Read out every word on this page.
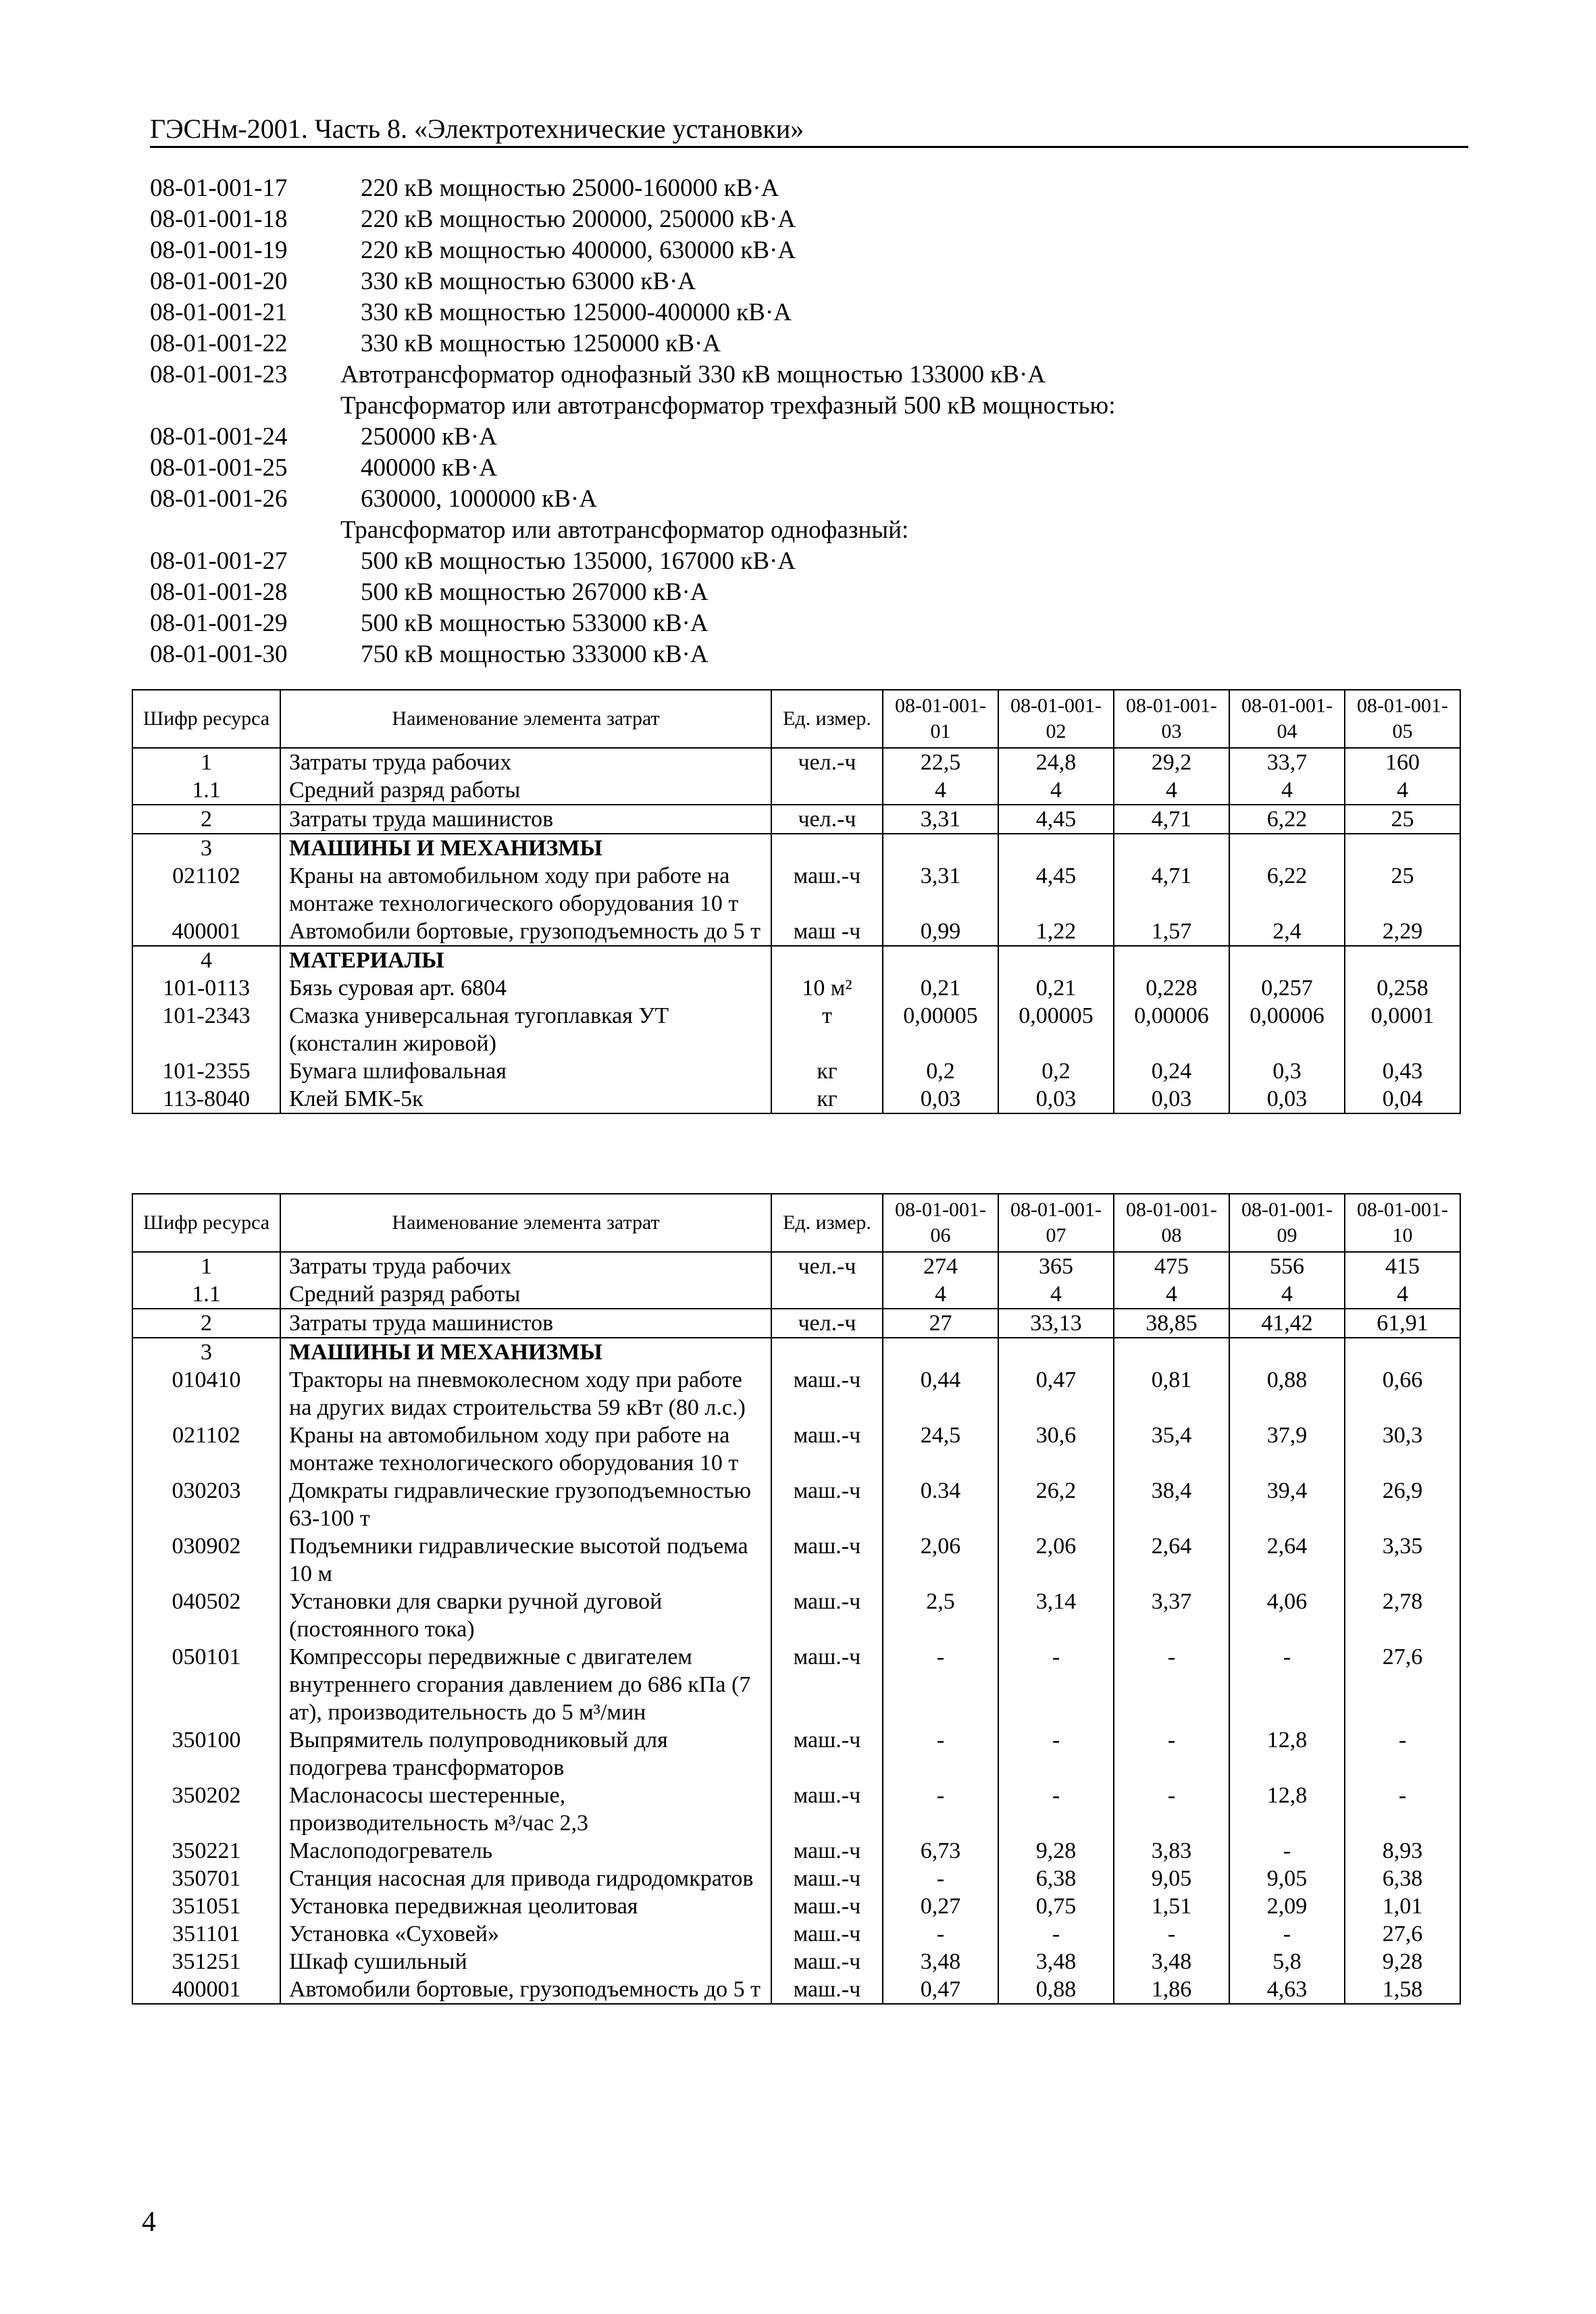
ГЭСНм-2001. Часть 8. «Электротехнические установки»
08-01-001-17	220 кВ мощностью 25000-160000 кВ·А
08-01-001-18	220 кВ мощностью 200000, 250000 кВ·А
08-01-001-19	220 кВ мощностью 400000, 630000 кВ·А
08-01-001-20	330 кВ мощностью 63000 кВ·А
08-01-001-21	330 кВ мощностью 125000-400000 кВ·А
08-01-001-22	330 кВ мощностью 1250000 кВ·А
08-01-001-23 Автотрансформатор однофазный 330 кВ мощностью 133000 кВ·А
Трансформатор или автотрансформатор трехфазный 500 кВ мощностью:
08-01-001-24	250000 кВ·А
08-01-001-25	400000 кВ·А
08-01-001-26	630000, 1000000 кВ·А
Трансформатор или автотрансформатор однофазный:
08-01-001-27	500 кВ мощностью 135000, 167000 кВ·А
08-01-001-28	500 кВ мощностью 267000 кВ·А
08-01-001-29	500 кВ мощностью 533000 кВ·А
08-01-001-30	750 кВ мощностью 333000 кВ·А
Шифр ресурса	Наименование элемента затрат	Ед. измер.	08-01-001-01	08-01-001-02	08-01-001-03	08-01-001-04	08-01-001-05
1	Затраты труда рабочих	чел.-ч	22,5	24,8	29,2	33,7	160
1.1	Средний разряд работы		4	4	4	4	4
2	Затраты труда машинистов	чел.-ч	3,31	4,45	4,71	6,22	25
3	МАШИНЫ И МЕХАНИЗМЫ						
021102	Краны на автомобильном ходу при работе на монтаже технологического оборудования 10 т	маш.-ч	3,31	4,45	4,71	6,22	25
400001	Автомобили бортовые, грузоподъемность до 5 т	маш -ч	0,99	1,22	1,57	2,4	2,29
4	МАТЕРИАЛЫ						
101-0113	Бязь суровая арт. 6804	10 м²	0,21	0,21	0,228	0,257	0,258
101-2343	Смазка универсальная тугоплавкая УТ (консталин жировой)	т	0,00005	0,00005	0,00006	0,00006	0,0001
101-2355	Бумага шлифовальная	кг	0,2	0,2	0,24	0,3	0,43
113-8040	Клей БМК-5к	кг	0,03	0,03	0,03	0,03	0,04
Шифр ресурса	Наименование элемента затрат	Ед. измер.	08-01-001-06	08-01-001-07	08-01-001-08	08-01-001-09	08-01-001-10
1	Затраты труда рабочих	чел.-ч	274	365	475	556	415
1.1	Средний разряд работы		4	4	4	4	4
2	Затраты труда машинистов	чел.-ч	27	33,13	38,85	41,42	61,91
3	МАШИНЫ И МЕХАНИЗМЫ						
010410	Тракторы на пневмоколесном ходу при работе на других видах строительства 59 кВт (80 л.с.)	маш.-ч	0,44	0,47	0,81	0,88	0,66
021102	Краны на автомобильном ходу при работе на монтаже технологического оборудования 10 т	маш.-ч	24,5	30,6	35,4	37,9	30,3
030203	Домкраты гидравлические грузоподъемностью 63-100 т	маш.-ч	0.34	26,2	38,4	39,4	26,9
030902	Подъемники гидравлические высотой подъема 10 м	маш.-ч	2,06	2,06	2,64	2,64	3,35
040502	Установки для сварки ручной дуговой (постоянного тока)	маш.-ч	2,5	3,14	3,37	4,06	2,78
050101	Компрессоры передвижные с двигателем внутреннего сгорания давлением до 686 кПа (7 ат), производительность до 5 м³/мин	маш.-ч	-	-	-	-	27,6
350100	Выпрямитель полупроводниковый для подогрева трансформаторов	маш.-ч	-	-	-	12,8	-
350202	Маслонасосы шестеренные, производительность м³/час 2,3	маш.-ч	-	-	-	12,8	-
350221	Маслоподогреватель	маш.-ч	6,73	9,28	3,83	-	8,93
350701	Станция насосная для привода гидродомкратов	маш.-ч	-	6,38	9,05	9,05	6,38
351051	Установка передвижная цеолитовая	маш.-ч	0,27	0,75	1,51	2,09	1,01
351101	Установка «Суховей»	маш.-ч	-	-	-	-	27,6
351251	Шкаф сушильный	маш.-ч	3,48	3,48	3,48	5,8	9,28
400001	Автомобили бортовые, грузоподъемность до 5 т	маш.-ч	0,47	0,88	1,86	4,63	1,58
4
